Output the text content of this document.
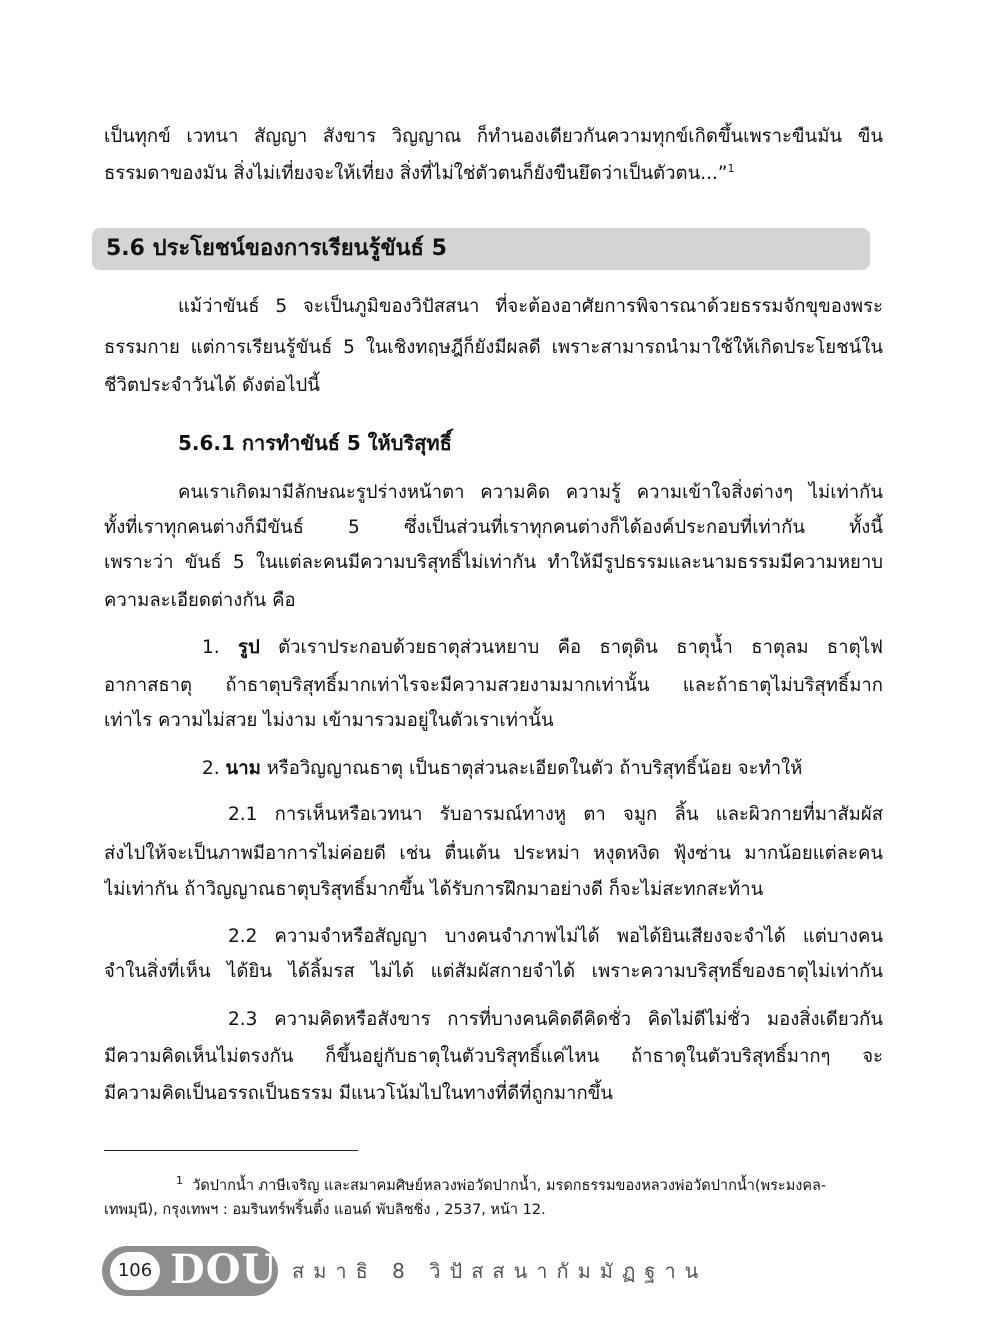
เป็นทุกข์ เวทนา สัญญา สังขาร วิญญาณ ก็ทำนองเดียวกันความทุกข์เกิดขึ้นเพราะขืนมัน ขืน
ธรรมดาของมัน สิ่งไม่เที่ยงจะให้เที่ยง สิ่งที่ไม่ใช่ตัวตนก็ยังขืนยึดว่าเป็นตัวตน...”$^1$
5.6 ประโยชน์ของการเรียนรู้ขันธ์ 5
แม้ว่าขันธ์ 5 จะเป็นภูมิของวิปัสสนา ที่จะต้องอาศัยการพิจารณาด้วยธรรมจักขุของพระ
ธรรมกาย แต่การเรียนรู้ขันธ์ 5 ในเชิงทฤษฎีก็ยังมีผลดี เพราะสามารถนำมาใช้ให้เกิดประโยชน์ใน
ชีวิตประจำวันได้ ดังต่อไปนี้
5.6.1 การทำขันธ์ 5 ให้บริสุทธิ์
คนเราเกิดมามีลักษณะรูปร่างหน้าตา ความคิด ความรู้ ความเข้าใจสิ่งต่างๆ ไม่เท่ากัน
ทั้งที่เราทุกคนต่างก็มีขันธ์ 5 ซึ่งเป็นส่วนที่เราทุกคนต่างก็ได้องค์ประกอบที่เท่ากัน ทั้งนี้
เพราะว่า ขันธ์ 5 ในแต่ละคนมีความบริสุทธิ์ไม่เท่ากัน ทำให้มีรูปธรรมและนามธรรมมีความหยาบ
ความละเอียดต่างกัน คือ
1. รูป ตัวเราประกอบด้วยธาตุส่วนหยาบ คือ ธาตุดิน ธาตุน้ำ ธาตุลม ธาตุไฟ
อากาสธาตุ ถ้าธาตุบริสุทธิ์มากเท่าไรจะมีความสวยงามมากเท่านั้น และถ้าธาตุไม่บริสุทธิ์มาก
เท่าไร ความไม่สวย ไม่งาม เข้ามารวมอยู่ในตัวเราเท่านั้น
2. นาม หรือวิญญาณธาตุ เป็นธาตุส่วนละเอียดในตัว ถ้าบริสุทธิ์น้อย จะทำให้
2.1 การเห็นหรือเวทนา รับอารมณ์ทางหู ตา จมูก ลิ้น และผิวกายที่มาสัมผัส
ส่งไปให้จะเป็นภาพมีอาการไม่ค่อยดี เช่น ตื่นเต้น ประหม่า หงุดหงิด ฟุ้งซ่าน มากน้อยแต่ละคน
ไม่เท่ากัน ถ้าวิญญาณธาตุบริสุทธิ์มากขึ้น ได้รับการฝึกมาอย่างดี ก็จะไม่สะทกสะท้าน
2.2 ความจำหรือสัญญา บางคนจำภาพไม่ได้ พอได้ยินเสียงจะจำได้ แต่บางคน
จำในสิ่งที่เห็น ได้ยิน ได้ลิ้มรส ไม่ได้ แต่สัมผัสกายจำได้ เพราะความบริสุทธิ์ของธาตุไม่เท่ากัน
2.3 ความคิดหรือสังขาร การที่บางคนคิดดีคิดชั่ว คิดไม่ดีไม่ชั่ว มองสิ่งเดียวกัน
มีความคิดเห็นไม่ตรงกัน ก็ขึ้นอยู่กับธาตุในตัวบริสุทธิ์แค่ไหน ถ้าธาตุในตัวบริสุทธิ์มากๆ จะ
มีความคิดเป็นอรรถเป็นธรรม มีแนวโน้มไปในทางที่ดีที่ถูกมากขึ้น
$^1$ วัดปากน้ำ ภาษีเจริญ และสมาคมศิษย์หลวงพ่อวัดปากน้ำ, มรดกธรรมของหลวงพ่อวัดปากน้ำ(พระมงคล-
เทพมุนี), กรุงเทพฯ : อมรินทร์พริ้นติ้ง แอนด์ พับลิชชิ่ง , 2537, หน้า 12.
106 DOU สมาธิ 8 วิปัสสนากัมมัฏฐาน
